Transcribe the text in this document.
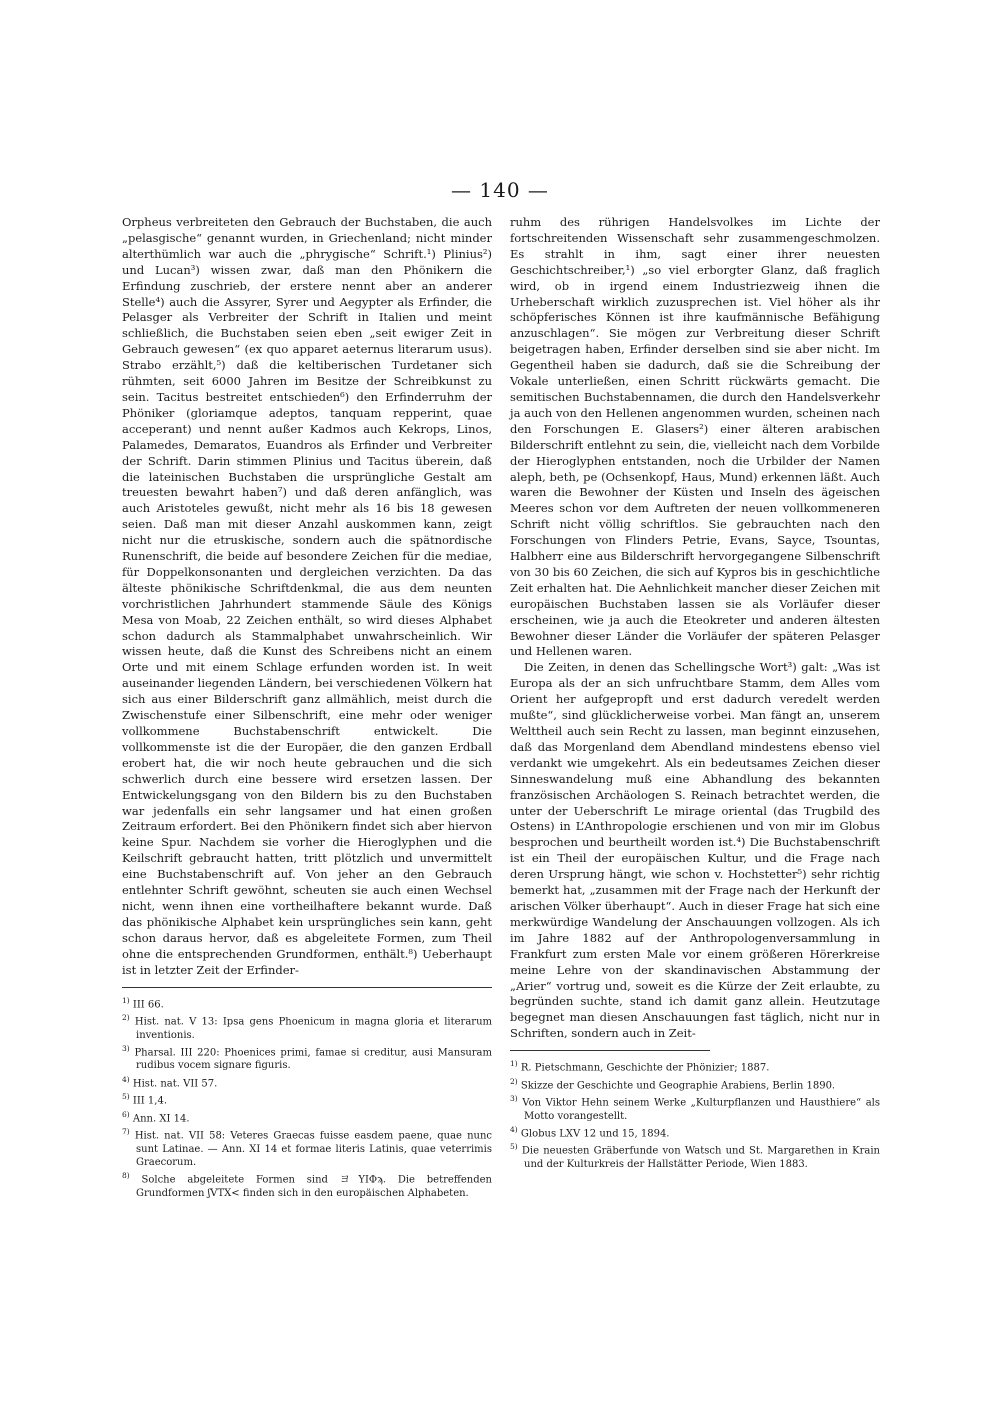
— 140 —

Orpheus verbreiteten den Gebrauch der Buchstaben, die auch „pelasgische“ genannt wurden, in Griechenland; nicht minder alterthümlich war auch die „phrygische“ Schrift.¹) Plinius²) und Lucan³) wissen zwar, daß man den Phönikern die Erfindung zuschrieb, der erstere nennt aber an anderer Stelle⁴) auch die Assyrer, Syrer und Aegypter als Erfinder, die Pelasger als Verbreiter der Schrift in Italien und meint schließlich, die Buchstaben seien eben „seit ewiger Zeit in Gebrauch gewesen“ (ex quo apparet aeternus literarum usus). Strabo erzählt,⁵) daß die keltiberischen Turdetaner sich rühmten, seit 6000 Jahren im Besitze der Schreibkunst zu sein. Tacitus bestreitet entschieden⁶) den Erfinderruhm der Phöniker (gloriamque adeptos, tanquam repperint, quae acceperant) und nennt außer Kadmos auch Kekrops, Linos, Palamedes, Demaratos, Euandros als Erfinder und Verbreiter der Schrift. Darin stimmen Plinius und Tacitus überein, daß die lateinischen Buchstaben die ursprüngliche Gestalt am treuesten bewahrt haben⁷) und daß deren anfänglich, was auch Aristoteles gewußt, nicht mehr als 16 bis 18 gewesen seien. Daß man mit dieser Anzahl auskommen kann, zeigt nicht nur die etruskische, sondern auch die spätnordische Runenschrift, die beide auf besondere Zeichen für die mediae, für Doppelkonsonanten und dergleichen verzichten. Da das älteste phönikische Schriftdenkmal, die aus dem neunten vorchristlichen Jahrhundert stammende Säule des Königs Mesa von Moab, 22 Zeichen enthält, so wird dieses Alphabet schon dadurch als Stammalphabet unwahrscheinlich. Wir wissen heute, daß die Kunst des Schreibens nicht an einem Orte und mit einem Schlage erfunden worden ist. In weit auseinander liegenden Ländern, bei verschiedenen Völkern hat sich aus einer Bilderschrift ganz allmählich, meist durch die Zwischenstufe einer Silbenschrift, eine mehr oder weniger vollkommene Buchstabenschrift entwickelt. Die vollkommenste ist die der Europäer, die den ganzen Erdball erobert hat, die wir noch heute gebrauchen und die sich schwerlich durch eine bessere wird ersetzen lassen. Der Entwickelungsgang von den Bildern bis zu den Buchstaben war jedenfalls ein sehr langsamer und hat einen großen Zeitraum erfordert. Bei den Phönikern findet sich aber hiervon keine Spur. Nachdem sie vorher die Hieroglyphen und die Keilschrift gebraucht hatten, tritt plötzlich und unvermittelt eine Buchstabenschrift auf. Von jeher an den Gebrauch entlehnter Schrift gewöhnt, scheuten sie auch einen Wechsel nicht, wenn ihnen eine vortheilhaftere bekannt wurde. Daß das phönikische Alphabet kein ursprüngliches sein kann, geht schon daraus hervor, daß es abgeleitete Formen, zum Theil ohne die entsprechenden Grundformen, enthält.⁸) Ueberhaupt ist in letzter Zeit der Erfinder-

$^{1)}$ III 66.
$^{2)}$ Hist. nat. V 13: Ipsa gens Phoenicum in magna gloria et literarum inventionis.
$^{3)}$ Pharsal. III 220: Phoenices primi, famae si creditur, ausi Mansuram rudibus vocem signare figuris.
$^{4)}$ Hist. nat. VII 57.
$^{5)}$ III 1,4.
$^{6)}$ Ann. XI 14.
$^{7)}$ Hist. nat. VII 58: Veteres Graecas fuisse easdem paene, quae nunc sunt Latinae. — Ann. XI 14 et formae literis Latinis, quae veterrimis Graecorum.
$^{8)}$ Solche abgeleitete Formen sind ヨYIΦϡ. Die betreffenden Grundformen ʃVTX< finden sich in den europäischen Alphabeten.

ruhm des rührigen Handelsvolkes im Lichte der fortschreitenden Wissenschaft sehr zusammengeschmolzen. Es strahlt in ihm, sagt einer ihrer neuesten Geschichtschreiber,¹) „so viel erborgter Glanz, daß fraglich wird, ob in irgend einem Industriezweig ihnen die Urheberschaft wirklich zuzusprechen ist. Viel höher als ihr schöpferisches Können ist ihre kaufmännische Befähigung anzuschlagen“. Sie mögen zur Verbreitung dieser Schrift beigetragen haben, Erfinder derselben sind sie aber nicht. Im Gegentheil haben sie dadurch, daß sie die Schreibung der Vokale unterließen, einen Schritt rückwärts gemacht. Die semitischen Buchstabennamen, die durch den Handelsverkehr ja auch von den Hellenen angenommen wurden, scheinen nach den Forschungen E. Glasers²) einer älteren arabischen Bilderschrift entlehnt zu sein, die, vielleicht nach dem Vorbilde der Hieroglyphen entstanden, noch die Urbilder der Namen aleph, beth, pe (Ochsenkopf, Haus, Mund) erkennen läßt. Auch waren die Bewohner der Küsten und Inseln des ägeischen Meeres schon vor dem Auftreten der neuen vollkommeneren Schrift nicht völlig schriftlos. Sie gebrauchten nach den Forschungen von Flinders Petrie, Evans, Sayce, Tsountas, Halbherr eine aus Bilderschrift hervorgegangene Silbenschrift von 30 bis 60 Zeichen, die sich auf Kypros bis in geschichtliche Zeit erhalten hat. Die Aehnlichkeit mancher dieser Zeichen mit europäischen Buchstaben lassen sie als Vorläufer dieser erscheinen, wie ja auch die Eteokreter und anderen ältesten Bewohner dieser Länder die Vorläufer der späteren Pelasger und Hellenen waren.

Die Zeiten, in denen das Schellingsche Wort³) galt: „Was ist Europa als der an sich unfruchtbare Stamm, dem Alles vom Orient her aufgepropft und erst dadurch veredelt werden mußte“, sind glücklicherweise vorbei. Man fängt an, unserem Welttheil auch sein Recht zu lassen, man beginnt einzusehen, daß das Morgenland dem Abendland mindestens ebenso viel verdankt wie umgekehrt. Als ein bedeutsames Zeichen dieser Sinneswandelung muß eine Abhandlung des bekannten französischen Archäologen S. Reinach betrachtet werden, die unter der Ueberschrift Le mirage oriental (das Trugbild des Ostens) in L’Anthropologie erschienen und von mir im Globus besprochen und beurtheilt worden ist.⁴) Die Buchstabenschrift ist ein Theil der europäischen Kultur, und die Frage nach deren Ursprung hängt, wie schon v. Hochstetter⁵) sehr richtig bemerkt hat, „zusammen mit der Frage nach der Herkunft der arischen Völker überhaupt“. Auch in dieser Frage hat sich eine merkwürdige Wandelung der Anschauungen vollzogen. Als ich im Jahre 1882 auf der Anthropologenversammlung in Frankfurt zum ersten Male vor einem größeren Hörerkreise meine Lehre von der skandinavischen Abstammung der „Arier“ vortrug und, soweit es die Kürze der Zeit erlaubte, zu begründen suchte, stand ich damit ganz allein. Heutzutage begegnet man diesen Anschauungen fast täglich, nicht nur in Schriften, sondern auch in Zeit-

$^{1)}$ R. Pietschmann, Geschichte der Phönizier; 1887.
$^{2)}$ Skizze der Geschichte und Geographie Arabiens, Berlin 1890.
$^{3)}$ Von Viktor Hehn seinem Werke „Kulturpflanzen und Hausthiere“ als Motto vorangestellt.
$^{4)}$ Globus LXV 12 und 15, 1894.
$^{5)}$ Die neuesten Gräberfunde von Watsch und St. Margarethen in Krain und der Kulturkreis der Hallstätter Periode, Wien 1883.
